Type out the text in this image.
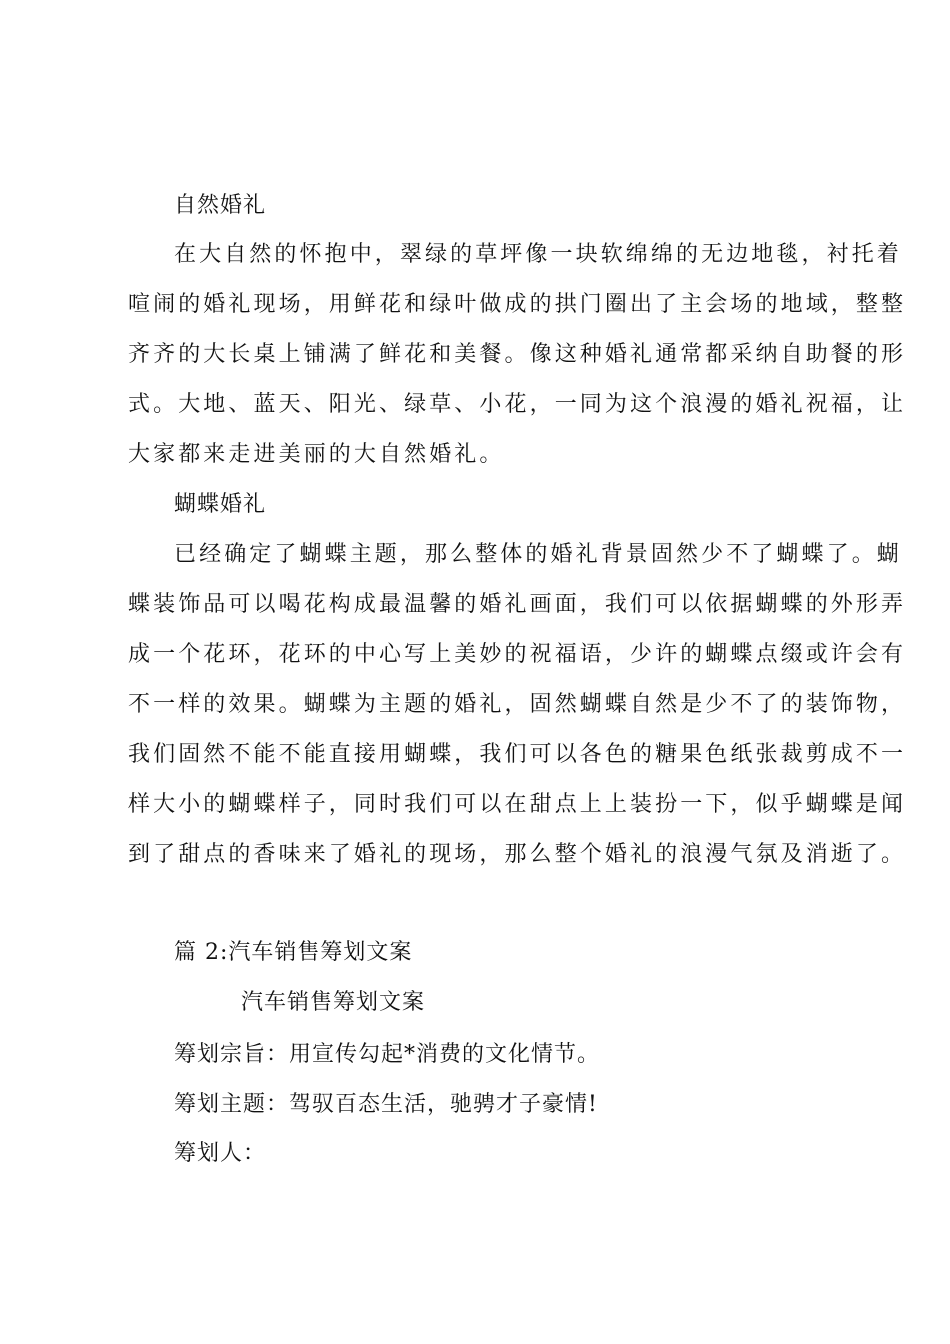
自然婚礼
在大自然的怀抱中，翠绿的草坪像一块软绵绵的无边地毯，衬托着
喧闹的婚礼现场，用鲜花和绿叶做成的拱门圈出了主会场的地域，整整
齐齐的大长桌上铺满了鲜花和美餐。像这种婚礼通常都采纳自助餐的形
式。大地、蓝天、阳光、绿草、小花，一同为这个浪漫的婚礼祝福，让
大家都来走进美丽的大自然婚礼。
蝴蝶婚礼
已经确定了蝴蝶主题，那么整体的婚礼背景固然少不了蝴蝶了。蝴
蝶装饰品可以喝花构成最温馨的婚礼画面，我们可以依据蝴蝶的外形弄
成一个花环，花环的中心写上美妙的祝福语，少许的蝴蝶点缀或许会有
不一样的效果。蝴蝶为主题的婚礼，固然蝴蝶自然是少不了的装饰物，
我们固然不能不能直接用蝴蝶，我们可以各色的糖果色纸张裁剪成不一
样大小的蝴蝶样子，同时我们可以在甜点上上装扮一下，似乎蝴蝶是闻
到了甜点的香味来了婚礼的现场，那么整个婚礼的浪漫气氛及消逝了。
篇 2:汽车销售筹划文案
汽车销售筹划文案
筹划宗旨：用宣传勾起*消费的文化情节。
筹划主题：驾驭百态生活，驰骋才子豪情!
筹划人：
